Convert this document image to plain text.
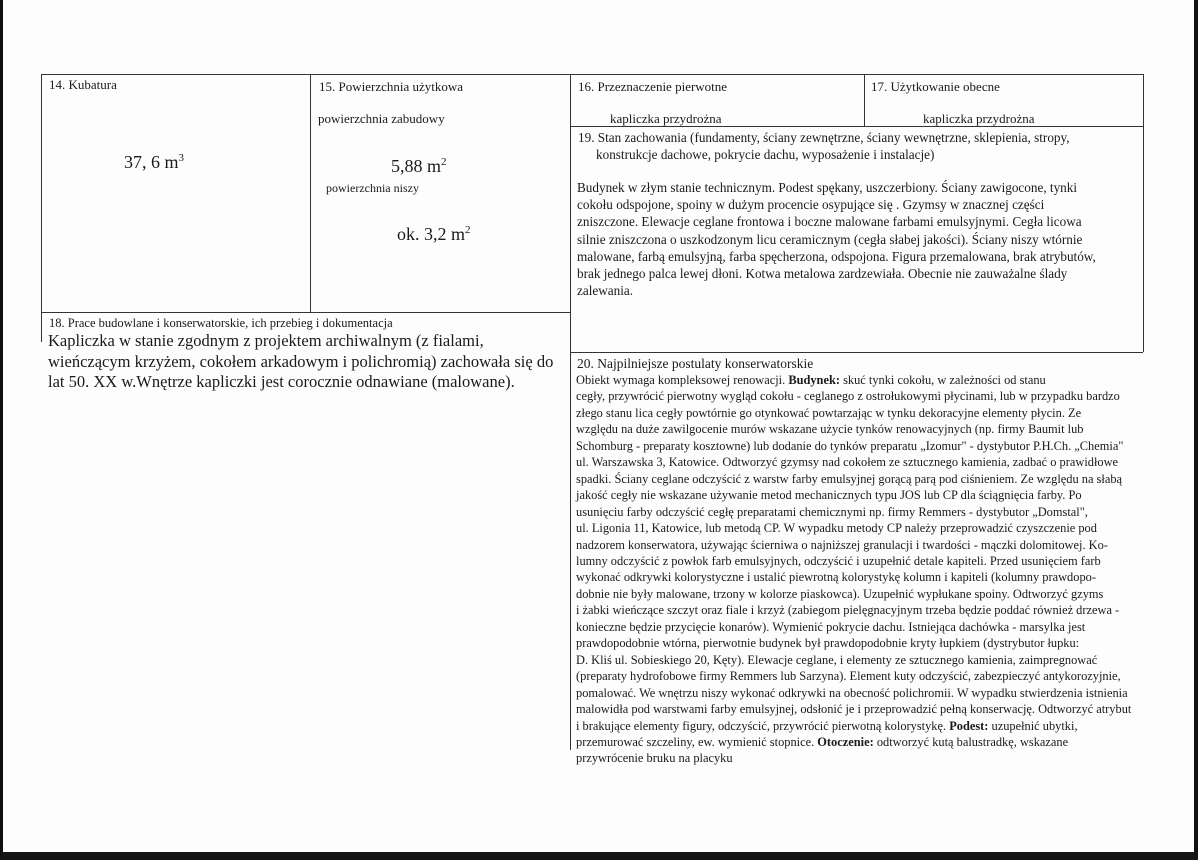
14. Kubatura
37, 6 $m^3$
15. Powierzchnia użytkowa
powierzchnia zabudowy
5,88 $m^2$
powierzchnia niszy
ok. 3,2 $m^2$
16. Przeznaczenie pierwotne
kapliczka przydrożna
17. Użytkowanie obecne
kapliczka przydrożna
19. Stan zachowania (fundamenty, ściany zewnętrzne, ściany wewnętrzne, sklepienia, stropy,
konstrukcje dachowe, pokrycie dachu, wyposażenie i instalacje)
Budynek w złym stanie technicznym. Podest spękany, uszczerbiony. Ściany zawigocone, tynki
cokołu odspojone, spoiny w dużym procencie osypujące się . Gzymsy w znacznej części
zniszczone. Elewacje ceglane frontowa i boczne malowane farbami emulsyjnymi. Cegła licowa
silnie zniszczona o uszkodzonym licu ceramicznym (cegła słabej jakości). Ściany niszy wtórnie
malowane, farbą emulsyjną, farba spęcherzona, odspojona. Figura przemalowana, brak atrybutów,
brak jednego palca lewej dłoni. Kotwa metalowa zardzewiała. Obecnie nie zauważalne ślady
zalewania.
18. Prace budowlane i konserwatorskie, ich przebieg i dokumentacja
Kapliczka w stanie zgodnym z projektem archiwalnym (z fialami,
wieńczącym krzyżem, cokołem arkadowym i polichromią) zachowała się do
lat 50. XX w.Wnętrze kapliczki jest corocznie odnawiane (malowane).
20. Najpilniejsze postulaty konserwatorskie
Obiekt wymaga kompleksowej renowacji. Budynek: skuć tynki cokołu, w zależności od stanu
cegły, przywrócić pierwotny wygląd cokołu - ceglanego z ostrołukowymi płycinami, lub w przypadku bardzo
złego stanu lica cegły powtórnie go otynkować powtarzając w tynku dekoracyjne elementy płycin. Ze
względu na duże zawilgocenie murów wskazane użycie tynków renowacyjnych (np. firmy Baumit lub
Schomburg - preparaty kosztowne) lub dodanie do tynków preparatu „Izomur" - dystybutor P.H.Ch. „Chemia"
ul. Warszawska 3, Katowice. Odtworzyć gzymsy nad cokołem ze sztucznego kamienia, zadbać o prawidłowe
spadki. Ściany ceglane odczyścić z warstw farby emulsyjnej gorącą parą pod ciśnieniem. Ze względu na słabą
jakość cegły nie wskazane używanie metod mechanicznych typu JOS lub CP dla ściągnięcia farby. Po
usunięciu farby odczyścić cegłę preparatami chemicznymi np. firmy Remmers - dystybutor „Domstal",
ul. Ligonia 11, Katowice, lub metodą CP. W wypadku metody CP należy przeprowadzić czyszczenie pod
nadzorem konserwatora, używając ścierniwa o najniższej granulacji i twardości - mączki dolomitowej. Ko-
lumny odczyścić z powłok farb emulsyjnych, odczyścić i uzupełnić detale kapiteli. Przed usunięciem farb
wykonać odkrywki kolorystyczne i ustalić piewrotną kolorystykę kolumn i kapiteli (kolumny prawdopo-
dobnie nie były malowane, trzony w kolorze piaskowca). Uzupełnić wypłukane spoiny. Odtworzyć gzyms
i żabki wieńczące szczyt oraz fiale i krzyż (zabiegom pielęgnacyjnym trzeba będzie poddać również drzewa -
konieczne będzie przycięcie konarów). Wymienić pokrycie dachu. Istniejąca dachówka - marsylka jest
prawdopodobnie wtórna, pierwotnie budynek był prawdopodobnie kryty łupkiem (dystrybutor łupku:
D. Kliś ul. Sobieskiego 20, Kęty). Elewacje ceglane, i elementy ze sztucznego kamienia, zaimpregnować
(preparaty hydrofobowe firmy Remmers lub Sarzyna). Element kuty odczyścić, zabezpieczyć antykorozyjnie,
pomalować. We wnętrzu niszy wykonać odkrywki na obecność polichromii. W wypadku stwierdzenia istnienia
malowidła pod warstwami farby emulsyjnej, odsłonić je i przeprowadzić pełną konserwację. Odtworzyć atrybut
i brakujące elementy figury, odczyścić, przywrócić pierwotną kolorystykę. Podest: uzupełnić ubytki,
przemurować szczeliny, ew. wymienić stopnice. Otoczenie: odtworzyć kutą balustradkę, wskazane
przywrócenie bruku na placyku
